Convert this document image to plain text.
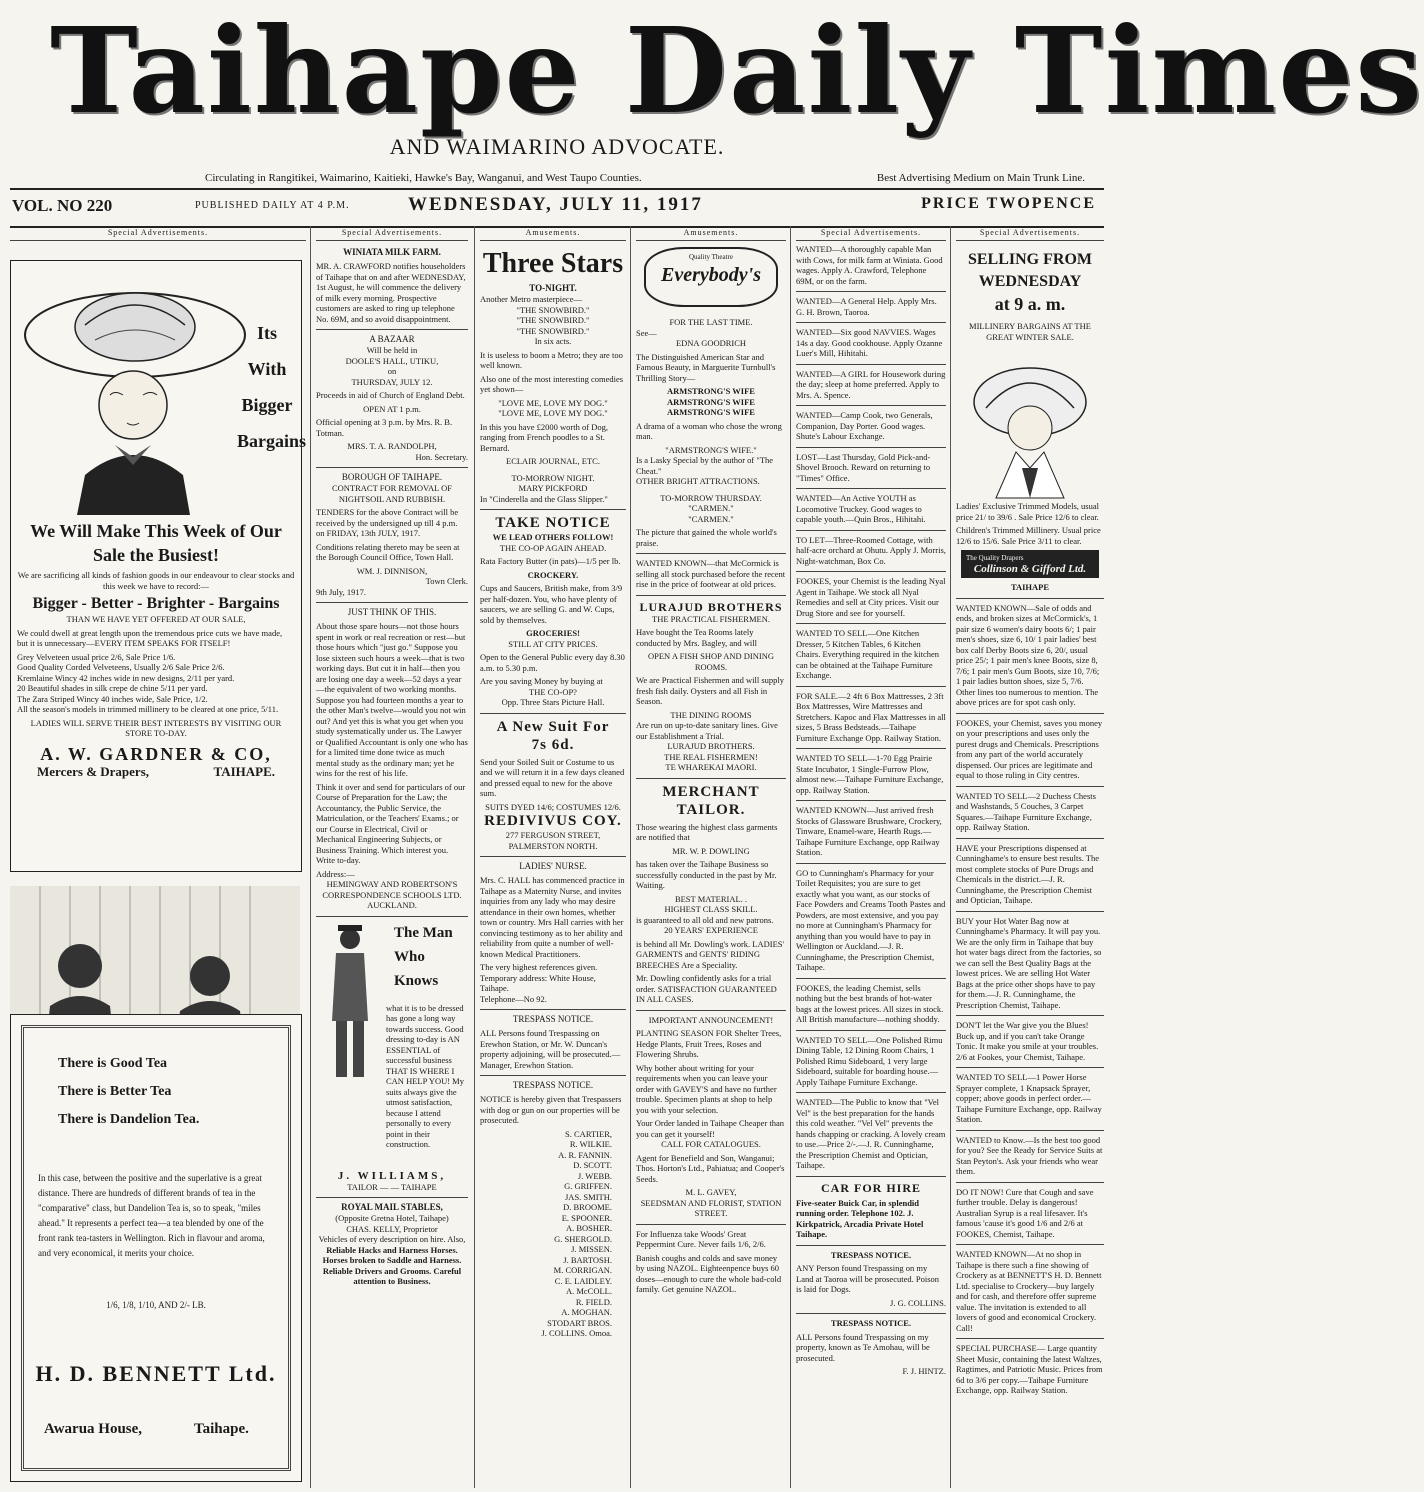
Taihape Daily Times
AND WAIMARINO ADVOCATE.
Circulating in Rangitikei, Waimarino, Kaitieki, Hawke's Bay, Wanganui, and West Taupo Counties.	Best Advertising Medium on Main Trunk Line.
VOL. NO 220	PUBLISHED DAILY AT 4 P.M.	WEDNESDAY, JULY 11, 1917	PRICE TWOPENCE
Special Advertisements.
Its
With
Bigger
Bargains
We Will Make This Week of Our Sale the Busiest!

We are sacrificing all kinds of fashion goods in our endeavour to clear stocks and this week we have to record:—

Bigger - Better - Brighter - Bargains
THAN WE HAVE YET OFFERED AT OUR SALE,

We could dwell at great length upon the tremendous price cuts we have made, but it is unnecessary—EVERY ITEM SPEAKS FOR ITSELF!

Grey Velveteen usual price 2/6, Sale Price 1/6.
Good Quality Corded Velveteens, Usually 2/6 Sale Price 2/6.
Kremlaine Wincy 42 inches wide in new designs, 2/11 per yard.
20 Beautiful shades in silk crepe de chine 5/11 per yard.
The Zara Striped Wincy 40 inches wide, Sale Price, 1/2.
All the season's models in trimmed millinery to be cleared at one price, 5/11.

LADIES WILL SERVE THEIR BEST INTERESTS BY VISITING OUR STORE TO-DAY.

A. W. GARDNER & CO,
Mercers & Drapers,	TAIHAPE.
There is Good Tea
There is Better Tea
There is Dandelion Tea.

In this case, between the positive and the superlative is a great distance. There are hundreds of different brands of tea in the "comparative" class, but Dandelion Tea is, so to speak, "miles ahead." It represents a perfect tea—a tea blended by one of the front rank tea-tasters in Wellington. Rich in flavour and aroma, and very economical, it merits your choice.

1/6, 1/8, 1/10, AND 2/- LB.
H. D. BENNETT Ltd.
Awarua House,	Taihape.
Special Advertisements.
WINIATA MILK FARM.

MR. A. CRAWFORD notifies householders of Taihape that on and after WEDNESDAY, 1st August, he will commence the delivery of milk every morning. Prospective customers are asked to ring up telephone No. 69M, and so avoid disappointment.

A BAZAAR
Will be held in
DOOLE'S HALL, UTIKU,
on
THURSDAY, JULY 12.

Proceeds in aid of Church of England Debt.

OPEN AT 1 p.m.

Official opening at 3 p.m. by Mrs. R. B. Totman.

MRS. T. A. RANDOLPH,
Hon. Secretary.
BOROUGH OF TAIHAPE.
CONTRACT FOR REMOVAL OF NIGHTSOIL AND RUBBISH.

TENDERS for the above Contract will be received by the undersigned up till 4 p.m. on FRIDAY, 13th JULY, 1917.

Conditions relating thereto may be seen at the Borough Council Office, Town Hall.

WM. J. DINNISON,
Town Clerk.
9th July, 1917.
JUST THINK OF THIS.

About those spare hours—not those hours spent in work or real recreation or rest—but those hours which "just go." Suppose you lose sixteen such hours a week—that is two working days. But cut it in half—then you are losing one day a week—52 days a year—the equivalent of two working months. Suppose you had fourteen months a year to the other Man's twelve—would you not win out? And yet this is what you get when you study systematically under us. The Lawyer or Qualified Accountant is only one who has for a limited time done twice as much mental study as the ordinary man; yet he wins for the rest of his life.

Think it over and send for particulars of our Course of Preparation for the Law; the Accountancy, the Public Service, the Matriculation, or the Teachers' Exams.; or our Course in Electrical, Civil or Mechanical Engineering Subjects, or Business Training. Which interest you. Write to-day.

Address:—
HEMINGWAY AND ROBERTSON'S CORRESPONDENCE SCHOOLS LTD.
AUCKLAND.
The Man
Who
Knows

what it is to be dressed has gone a long way towards success. Good dressing to-day is AN ESSENTIAL of successful business THAT IS WHERE I CAN HELP YOU! My suits always give the utmost satisfaction, because I attend personally to every point in their construction.

J. WILLIAMS,
TAILOR — — TAIHAPE
ROYAL MAIL STABLES,
(Opposite Gretna Hotel, Taihape)
CHAS. KELLY, Proprietor
Vehicles of every description on hire. Also,
Reliable Hacks and Harness Horses. Horses broken to Saddle and Harness. Reliable Drivers and Grooms. Careful attention to Business.
Amusements.
Three Stars
TO-NIGHT.
Another Metro masterpiece—
"THE SNOWBIRD."
"THE SNOWBIRD."
"THE SNOWBIRD."
In six acts.

It is useless to boom a Metro; they are too well known.

Also one of the most interesting comedies yet shown—

"LOVE ME, LOVE MY DOG."
"LOVE ME, LOVE MY DOG."

In this you have £2000 worth of Dog, ranging from French poodles to a St. Bernard.

ECLAIR JOURNAL, ETC.
TO-MORROW NIGHT.
MARY PICKFORD
In "Cinderella and the Glass Slipper."
TAKE NOTICE
WE LEAD OTHERS FOLLOW!
THE CO-OP AGAIN AHEAD.

Rata Factory Butter (in pats)—1/5 per lb.

CROCKERY.

Cups and Saucers, British make, from 3/9 per half-dozen. You, who have plenty of saucers, we are selling G. and W. Cups, sold by themselves.

GROCERIES!
STILL AT CITY PRICES.

Open to the General Public every day 8.30 a.m. to 5.30 p.m.

Are you saving Money by buying at
THE CO-OP?
Opp. Three Stars Picture Hall.
A New Suit For
7s 6d.

Send your Soiled Suit or Costume to us and we will return it in a few days cleaned and pressed equal to new for the above sum.

SUITS DYED 14/6; COSTUMES 12/6.
REDIVIVUS COY.
277 FERGUSON STREET,
PALMERSTON NORTH.
LADIES' NURSE.

Mrs. C. HALL has commenced practice in Taihape as a Maternity Nurse, and invites inquiries from any lady who may desire attendance in their own homes, whether town or country. Mrs Hall carries with her convincing testimony as to her ability and reliability from quite a number of well-known Medical Practitioners.

The very highest references given.
Temporary address: White House, Taihape.
Telephone—No 92.
TRESPASS NOTICE.

ALL Persons found Trespassing on Erewhon Station, or Mr. W. Duncan's property adjoining, will be prosecuted.—Manager, Erewhon Station.

TRESPASS NOTICE.

NOTICE is hereby given that Trespassers with dog or gun on our properties will be prosecuted.

S. CARTIER,
R. WILKIE.
A. R. FANNIN.
D. SCOTT.
J. WEBB.
G. GRIFFEN.
JAS. SMITH.
D. BROOME.
E. SPOONER.
A. BOSHER.
G. SHERGOLD.
J. MISSEN.
J. BARTOSH.
M. CORRIGAN.
C. E. LAIDLEY.
A. McCOLL.
R. FIELD.
A. MOGHAN.
STODART BROS.
J. COLLINS. Omoa.
Amusements.
Quality Theatre
Everybody's
FOR THE LAST TIME.
See—
EDNA GOODRICH

The Distinguished American Star and Famous Beauty, in Marguerite Turnbull's Thrilling Story—

ARMSTRONG'S WIFE
ARMSTRONG'S WIFE
ARMSTRONG'S WIFE

A drama of a woman who chose the wrong man.

"ARMSTRONG'S WIFE."
Is a Lasky Special by the author of "The Cheat."
OTHER BRIGHT ATTRACTIONS.
TO-MORROW THURSDAY.
"CARMEN."
"CARMEN."

The picture that gained the whole world's praise.

WANTED KNOWN—that McCormick is selling all stock purchased before the recent rise in the price of footwear at old prices.

LURAJUD BROTHERS
THE PRACTICAL FISHERMEN.

Have bought the Tea Rooms lately conducted by Mrs. Bagley, and will

OPEN A FISH SHOP AND DINING ROOMS.

We are Practical Fishermen and will supply fresh fish daily. Oysters and all Fish in Season.

THE DINING ROOMS
Are run on up-to-date sanitary lines. Give our Establishment a Trial.
LURAJUD BROTHERS.
THE REAL FISHERMEN!
TE WHAREKAI MAORI.
MERCHANT TAILOR.

Those wearing the highest class garments are notified that

MR. W. P. DOWLING

has taken over the Taihape Business so successfully conducted in the past by Mr. Waiting.

BEST MATERIAL. .
HIGHEST CLASS SKILL.
is guaranteed to all old and new patrons.
20 YEARS' EXPERIENCE

is behind all Mr. Dowling's work. LADIES' GARMENTS and GENTS' RIDING BREECHES Are a Speciality.

Mr. Dowling confidently asks for a trial order. SATISFACTION GUARANTEED IN ALL CASES.

IMPORTANT ANNOUNCEMENT!

PLANTING SEASON FOR Shelter Trees, Hedge Plants, Fruit Trees, Roses and Flowering Shrubs.

Why bother about writing for your requirements when you can leave your order with GAVEY'S and have no further trouble. Specimen plants at shop to help you with your selection.

Your Order landed in Taihape Cheaper than you can get it yourself!
CALL FOR CATALOGUES.

Agent for Benefield and Son, Wanganui; Thos. Horton's Ltd., Pahiatua; and Cooper's Seeds.

M. L. GAVEY,
SEEDSMAN AND FLORIST, STATION STREET.

For Influenza take Woods' Great Peppermint Cure. Never fails 1/6, 2/6.

Banish coughs and colds and save money by using NAZOL. Eighteenpence buys 60 doses—enough to cure the whole bad-cold family. Get genuine NAZOL.

Special Advertisements.

WANTED—A thoroughly capable Man with Cows, for milk farm at Winiata. Good wages. Apply A. Crawford, Telephone 69M, or on the farm.

WANTED—A General Help. Apply Mrs. G. H. Brown, Taoroa.

WANTED—Six good NAVVIES. Wages 14s a day. Good cookhouse. Apply Ozanne Luer's Mill, Hihitahi.

WANTED—A GIRL for Housework during the day; sleep at home preferred. Apply to Mrs. A. Spence.

WANTED—Camp Cook, two Generals, Companion, Day Porter. Good wages. Shute's Labour Exchange.

LOST—Last Thursday, Gold Pick-and-Shovel Brooch. Reward on returning to "Times" Office.

WANTED—An Active YOUTH as Locomotive Truckey. Good wages to capable youth.—Quin Bros., Hihitahi.

TO LET—Three-Roomed Cottage, with half-acre orchard at Ohutu. Apply J. Morris, Night-watchman, Box Co.

FOOKES, your Chemist is the leading Nyal Agent in Taihape. We stock all Nyal Remedies and sell at City prices. Visit our Drug Store and see for yourself.

WANTED TO SELL—One Kitchen Dresser, 5 Kitchen Tables, 6 Kitchen Chairs. Everything required in the kitchen can be obtained at the Taihape Furniture Exchange.

FOR SALE.—2 4ft 6 Box Mattresses, 2 3ft Box Mattresses, Wire Mattresses and Stretchers. Kapoc and Flax Mattresses in all sizes, 5 Brass Bedsteads.—Taihape Furniture Exchange Opp. Railway Station.

WANTED TO SELL—1-70 Egg Prairie State Incubator, 1 Single-Furrow Plow, almost new.—Taihape Furniture Exchange, opp. Railway Station.

WANTED KNOWN—Just arrived fresh Stocks of Glassware Brushware, Crockery, Tinware, Enamel-ware, Hearth Rugs.—Taihape Furniture Exchange, opp Railway Station.

GO to Cunningham's Pharmacy for your Toilet Requisites; you are sure to get exactly what you want, as our stocks of Face Powders and Creams Tooth Pastes and Powders, are most extensive, and you pay no more at Cunningham's Pharmacy for anything than you would have to pay in Wellington or Auckland.—J. R. Cunninghame, the Prescription Chemist, Taihape.

FOOKES, the leading Chemist, sells nothing but the best brands of hot-water bags at the lowest prices. All sizes in stock. All British manufacture—nothing shoddy.

WANTED TO SELL—One Polished Rimu Dining Table, 12 Dining Room Chairs, 1 Polished Rimu Sideboard, 1 very large Sideboard, suitable for boarding house.—Apply Taihape Furniture Exchange.

WANTED—The Public to know that "Vel Vel" is the best preparation for the hands this cold weather. "Vel Vel" prevents the hands chapping or cracking. A lovely cream to use.—Price 2/-.—J. R. Cunninghame, the Prescription Chemist and Optician, Taihape.

CAR FOR HIRE

Five-seater Buick Car, in splendid running order. Telephone 102. J. Kirkpatrick, Arcadia Private Hotel Taihape.

TRESPASS NOTICE.

ANY Person found Trespassing on my Land at Taoroa will be prosecuted. Poison is laid for Dogs.

J. G. COLLINS.
TRESPASS NOTICE.

ALL Persons found Trespassing on my property, known as Te Amohau, will be prosecuted.

F. J. HINTZ.
Special Advertisements.
SELLING FROM
WEDNESDAY
at 9 a. m.
MILLINERY BARGAINS AT THE GREAT WINTER SALE.

Ladies' Exclusive Trimmed Models, usual price 21/ to 39/6 . Sale Price 12/6 to clear.

Children's Trimmed Millinery. Usual price 12/6 to 15/6. Sale Price 3/11 to clear.

The Quality Drapers
Collinson & Gifford Ltd.
TAIHAPE

WANTED KNOWN—Sale of odds and ends, and broken sizes at McCormick's, 1 pair size 6 women's dairy boots 6/; 1 pair men's shoes, size 6, 10/ 1 pair ladies' best box calf Derby Boots size 6, 20/, usual price 25/; 1 pair men's knee Boots, size 8, 7/6; 1 pair men's Gum Boots, size 10, 7/6; 1 pair ladies button shoes, size 5, 7/6. Other lines too numerous to mention. The above prices are for spot cash only.

FOOKES, your Chemist, saves you money on your prescriptions and uses only the purest drugs and Chemicals. Prescriptions from any part of the world accurately dispensed. Our prices are legitimate and equal to those ruling in City centres.

WANTED TO SELL—2 Duchess Chests and Washstands, 5 Couches, 3 Carpet Squares.—Taihape Furniture Exchange, opp. Railway Station.

HAVE your Prescriptions dispensed at Cunninghame's to ensure best results. The most complete stocks of Pure Drugs and Chemicals in the district.—J. R. Cunninghame, the Prescription Chemist and Optician, Taihape.

BUY your Hot Water Bag now at Cunninghame's Pharmacy. It will pay you. We are the only firm in Taihape that buy hot water bags direct from the factories, so we can sell the Best Quality Bags at the lowest prices. We are selling Hot Water Bags at the price other shops have to pay for them.—J. R. Cunninghame, the Prescription Chemist, Taihape.

DON'T let the War give you the Blues! Buck up, and if you can't take Orange Tonic. It make you smile at your troubles. 2/6 at Fookes, your Chemist, Taihape.

WANTED TO SELL—1 Power Horse Sprayer complete, 1 Knapsack Sprayer, copper; above goods in perfect order.—Taihape Furniture Exchange, opp. Railway Station.

WANTED to Know.—Is the best too good for you? See the Ready for Service Suits at Stan Peyton's. Ask your friends who wear them.

DO IT NOW! Cure that Cough and save further trouble. Delay is dangerous! Australian Syrup is a real lifesaver. It's famous 'cause it's good 1/6 and 2/6 at FOOKES, Chemist, Taihape.

WANTED KNOWN—At no shop in Taihape is there such a fine showing of Crockery as at BENNETT'S H. D. Bennett Ltd. specialise to Crockery—buy largely and for cash, and therefore offer supreme value. The invitation is extended to all lovers of good and economical Crockery. Call!

SPECIAL PURCHASE— Large quantity Sheet Music, containing the latest Waltzes, Ragtimes, and Patriotic Music. Prices from 6d to 3/6 per copy.—Taihape Furniture Exchange, opp. Railway Station.
